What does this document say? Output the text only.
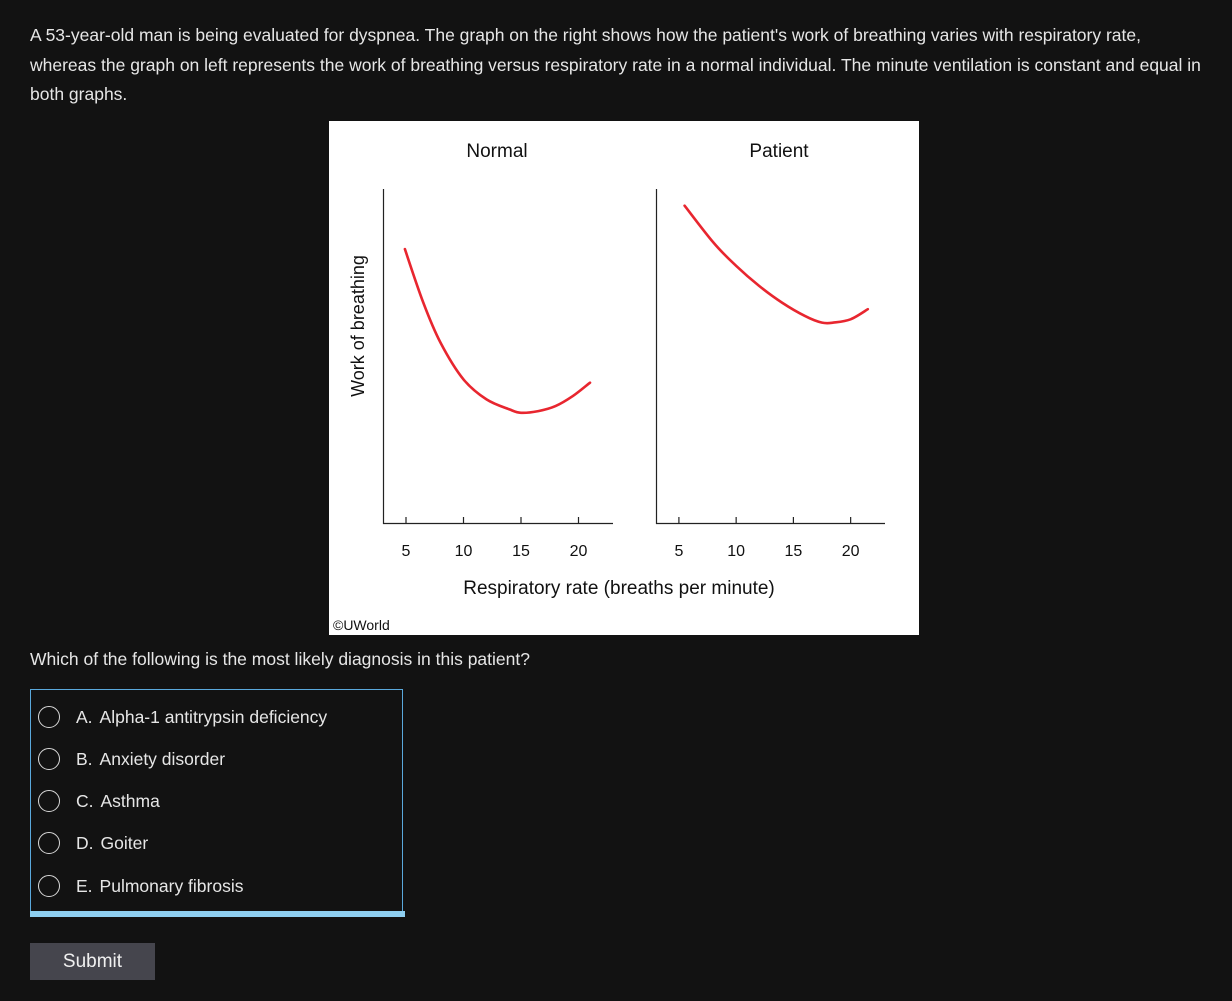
A 53-year-old man is being evaluated for dyspnea. The graph on the right shows how the patient's work of breathing varies with respiratory rate, whereas the graph on left represents the work of breathing versus respiratory rate in a normal individual. The minute ventilation is constant and equal in both graphs.

Work of breathing
Normal
5	10 15 20
Patient
5	10 15 20
Respiratory rate (breaths per minute)
©UWorld

Which of the following is the most likely diagnosis in this patient?

A. Alpha-1 antitrypsin deficiency
B. Anxiety disorder
C. Asthma
D. Goiter
E. Pulmonary fibrosis
Submit
